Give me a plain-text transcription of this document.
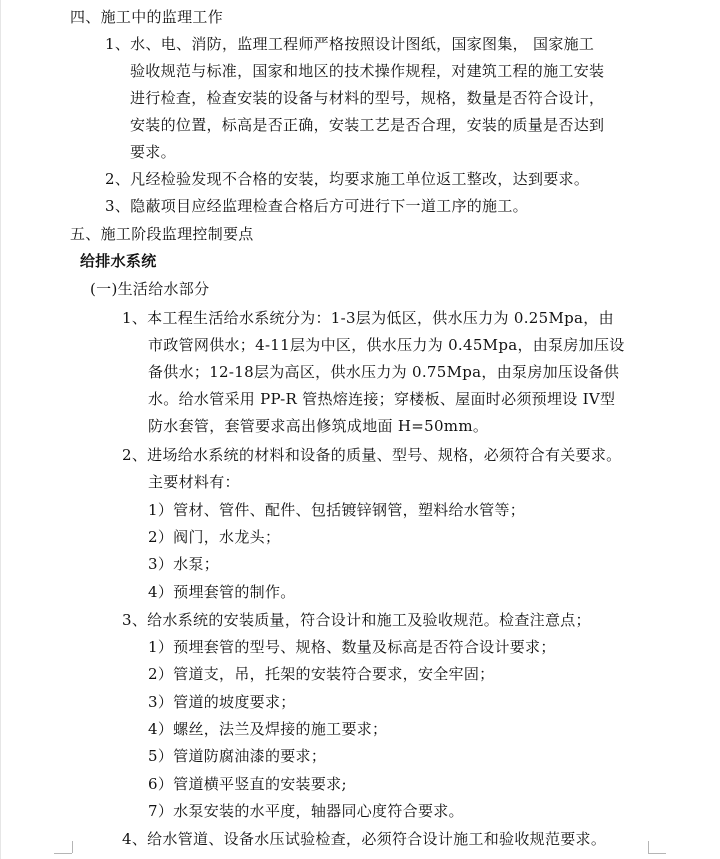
四、施工中的监理工作
1、水、电、消防，监理工程师严格按照设计图纸，国家图集， 国家施工
验收规范与标准，国家和地区的技术操作规程，对建筑工程的施工安装
进行检查，检查安装的设备与材料的型号，规格，数量是否符合设计，
安装的位置，标高是否正确，安装工艺是否合理，安装的质量是否达到
要求。
2、凡经检验发现不合格的安装，均要求施工单位返工整改，达到要求。
3、隐蔽项目应经监理检查合格后方可进行下一道工序的施工。
五、施工阶段监理控制要点
给排水系统
(一)生活给水部分
1、本工程生活给水系统分为：1-3层为低区，供水压力为 0.25Mpa，由
市政管网供水；4-11层为中区，供水压力为 0.45Mpa，由泵房加压设
备供水；12-18层为高区，供水压力为 0.75Mpa，由泵房加压设备供
水。给水管采用 PP-R 管热熔连接；穿楼板、屋面时必须预埋设 IV型
防水套管，套管要求高出修筑成地面 H=50mm。
2、进场给水系统的材料和设备的质量、型号、规格，必须符合有关要求。
主要材料有：
1）管材、管件、配件、包括镀锌钢管，塑料给水管等；
2）阀门，水龙头；
3）水泵；
4）预埋套管的制作。
3、给水系统的安装质量，符合设计和施工及验收规范。检查注意点；
1）预埋套管的型号、规格、数量及标高是否符合设计要求；
2）管道支，吊，托架的安装符合要求，安全牢固；
3）管道的坡度要求；
4）螺丝，法兰及焊接的施工要求；
5）管道防腐油漆的要求；
6）管道横平竖直的安装要求;
7）水泵安装的水平度，轴器同心度符合要求。
4、给水管道、设备水压试验检查，必须符合设计施工和验收规范要求。
